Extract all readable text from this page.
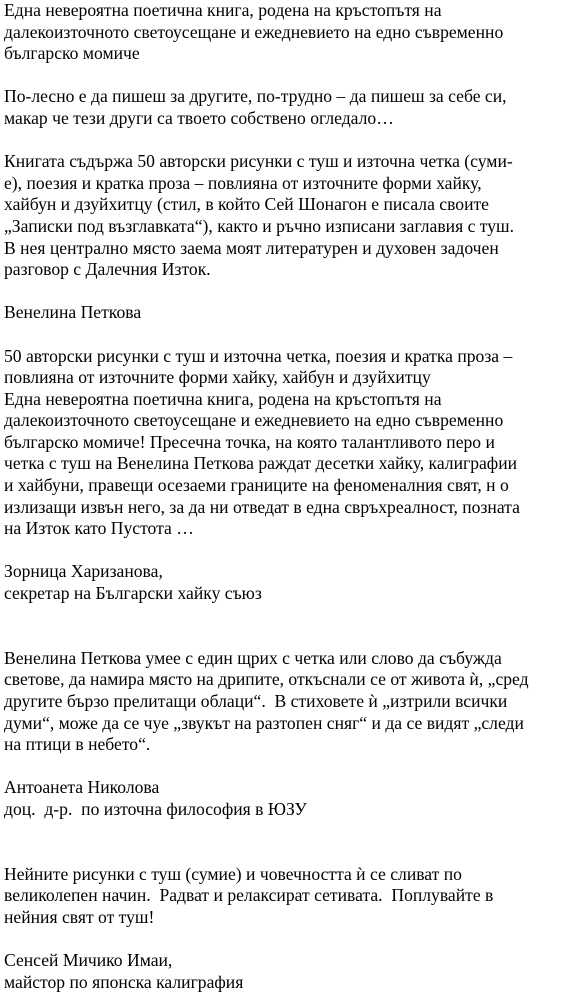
Една невероятна поетична книга, родена на кръстопътя на
далекоизточното светоусещане и ежедневието на едно съвременно
българско момиче
По-лесно е да пишеш за другите, по-трудно – да пишеш за себе си,
макар че тези други са твоето собствено огледало…
Книгата съдържа 50 авторски рисунки с туш и източна четка (суми-
е), поезия и кратка проза – повлияна от източните форми хайку,
хайбун и дзуйхитцу (стил, в който Сей Шонагон е писала своите
„Записки под възглавката“), както и ръчно изписани заглавия с туш.
В нея централно място заема моят литературен и духовен задочен
разговор с Далечния Изток.
Венелина Петкова
50 авторски рисунки с туш и източна четка, поезия и кратка проза –
повлияна от източните форми хайку, хайбун и дзуйхитцу
Една невероятна поетична книга, родена на кръстопътя на
далекоизточното светоусещане и ежедневието на едно съвременно
българско момиче! Пресечна точка, на която талантливото перо и
четка с туш на Венелина Петкова раждат десетки хайку, калиграфии
и хайбуни, правещи осезаеми границите на феноменалния свят, н о
излизащи извън него, за да ни отведат в една свръхреалност, позната
на Изток като Пустота …
Зорница Харизанова,
секретар на Български хайку съюз
Венелина Петкова умее с един щрих с четка или слово да събужда
светове, да намира място на дрипите, откъснали се от живота ѝ, „сред
другите бързо прелитащи облаци“.  В стиховете ѝ „изтрили всички
думи“, може да се чуе „звукът на разтопен сняг“ и да се видят „следи
на птици в небето“.
Антоанета Николова
доц.  д-р.  по източна философия в ЮЗУ
Нейните рисунки с туш (сумие) и човечността ѝ се сливат по
великолепен начин.  Радват и релаксират сетивата.  Поплувайте в
нейния свят от туш!
Сенсей Мичико Имаи,
майстор по японска калиграфия
